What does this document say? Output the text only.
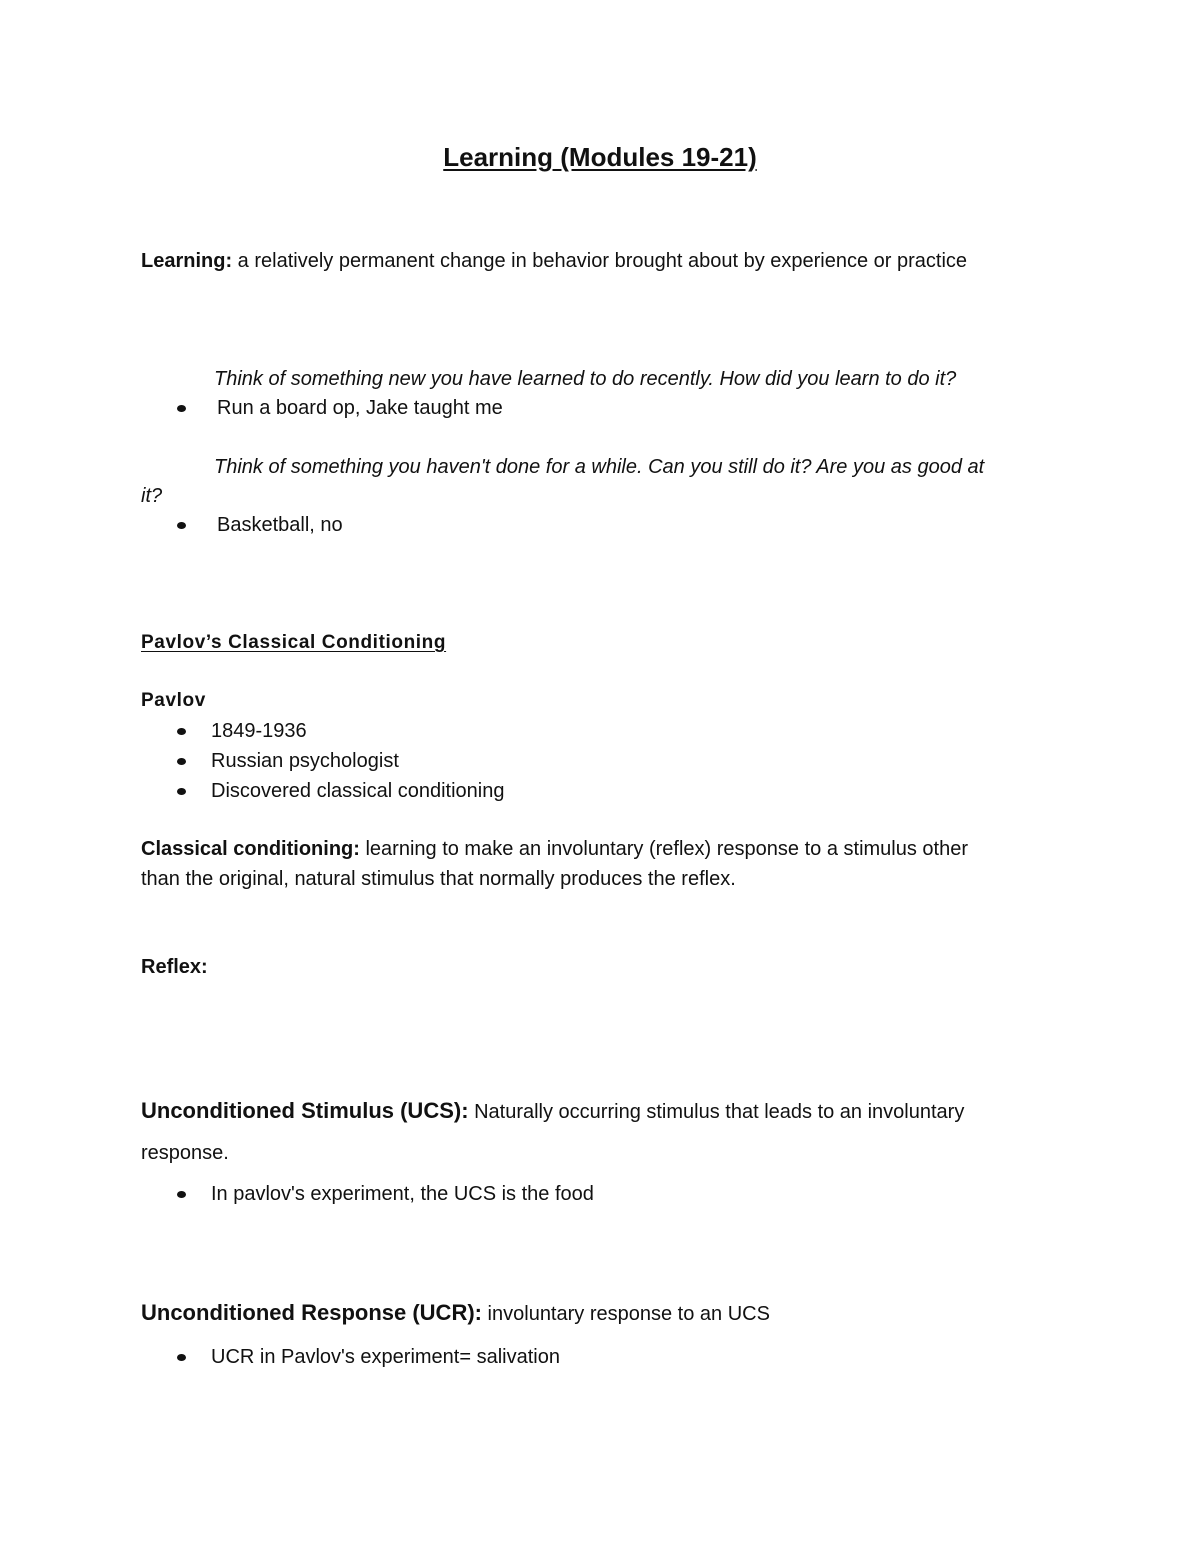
Learning (Modules 19-21)
Learning: a relatively permanent change in behavior brought about by experience or practice
Think of something new you have learned to do recently. How did you learn to do it?
Run a board op, Jake taught me
Think of something you haven't done for a while. Can you still do it? Are you as good at
it?
Basketball, no
Pavlov’s Classical Conditioning
Pavlov
1849-1936
Russian psychologist
Discovered classical conditioning
Classical conditioning: learning to make an involuntary (reflex) response to a stimulus other
than the original, natural stimulus that normally produces the reflex.
Reflex:
Unconditioned Stimulus (UCS): Naturally occurring stimulus that leads to an involuntary
response.
In pavlov's experiment, the UCS is the food
Unconditioned Response (UCR): involuntary response to an UCS
UCR in Pavlov's experiment= salivation
